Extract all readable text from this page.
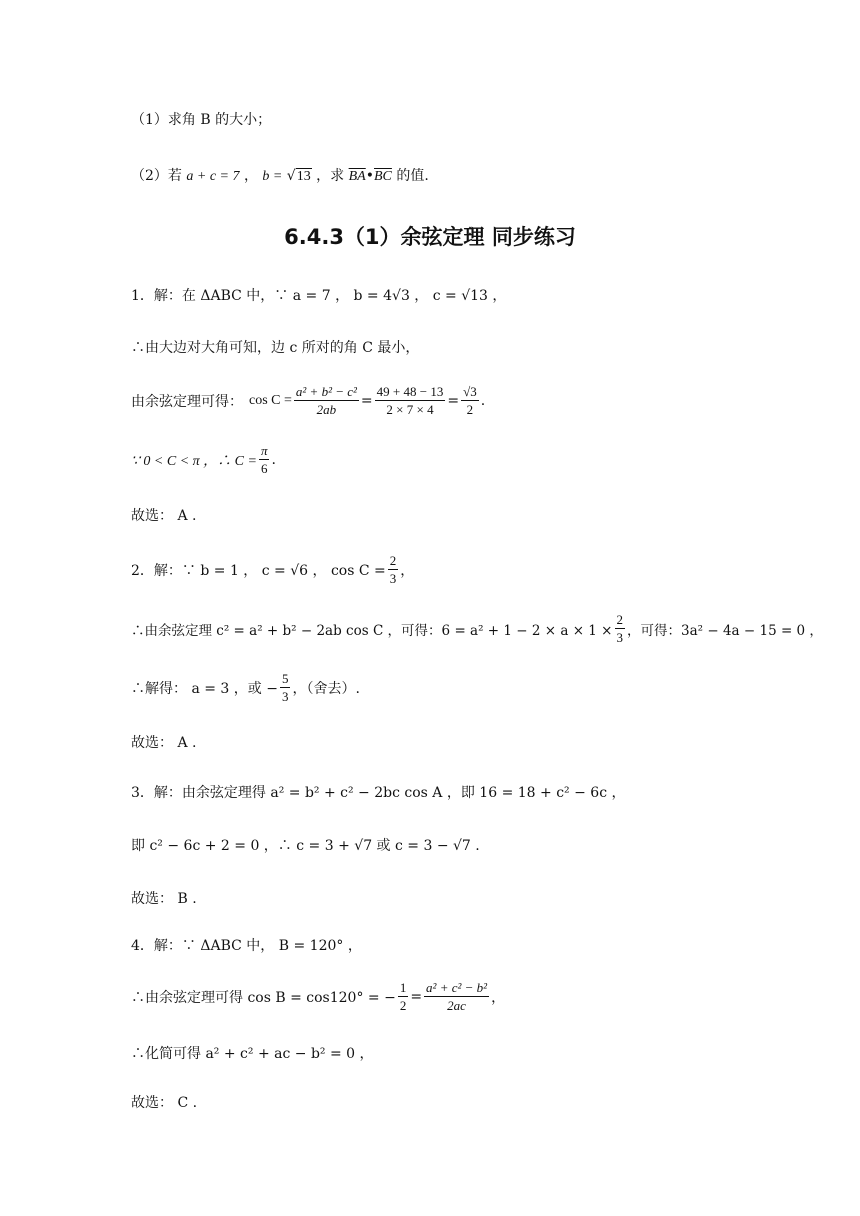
（1）求角 B 的大小；
（2）若 a + c = 7 ， b = √13 ，求 $\overline{BA}•\overline{BC}$ 的值.
6.4.3（1）余弦定理 同步练习
1．解：在 ΔABC 中，∵ a = 7 ， b = 4√3 ， c = √13 ，
∴由大边对大角可知，边 c 所对的角 C 最小，
由余弦定理可得： $\cos C = \frac{\text{a² + b² − c²}}{2ab} = \frac{49 + 48 - 13}{2 \times 7 \times 4} = \frac{√3}{2}$ .
∵ 0 < C < π ，∴ $C = \frac{\pi}{6}$ .
故选： A .
2．解：∵ b = 1 ， c = √6 ， $\cos C = \frac{2}{3}$ ，
∴由余弦定理 c² = a² + b² − 2ab cos C ，可得：$6 = a^2 + 1 - 2 \times a \times 1 \times \frac{2}{3}$ ，可得：3a² − 4a − 15 = 0 ，
∴解得： a = 3 ，或 − $\frac{5}{3}$ ，（舍去）.
故选： A .
3．解：由余弦定理得 a² = b² + c² − 2bc cos A ，即 16 = 18 + c² − 6c ，
即 c² − 6c + 2 = 0 ，∴ c = 3 + √7 或 c = 3 − √7 .
故选： B .
4．解：∵ ΔABC 中， B = 120° ，
∴由余弦定理可得 cos B = cos120° = − $\frac{1}{2} = \frac{\text{a² + c² − b²}}{2ac}$ ，
∴化简可得 a² + c² + ac − b² = 0 ，
故选： C .
